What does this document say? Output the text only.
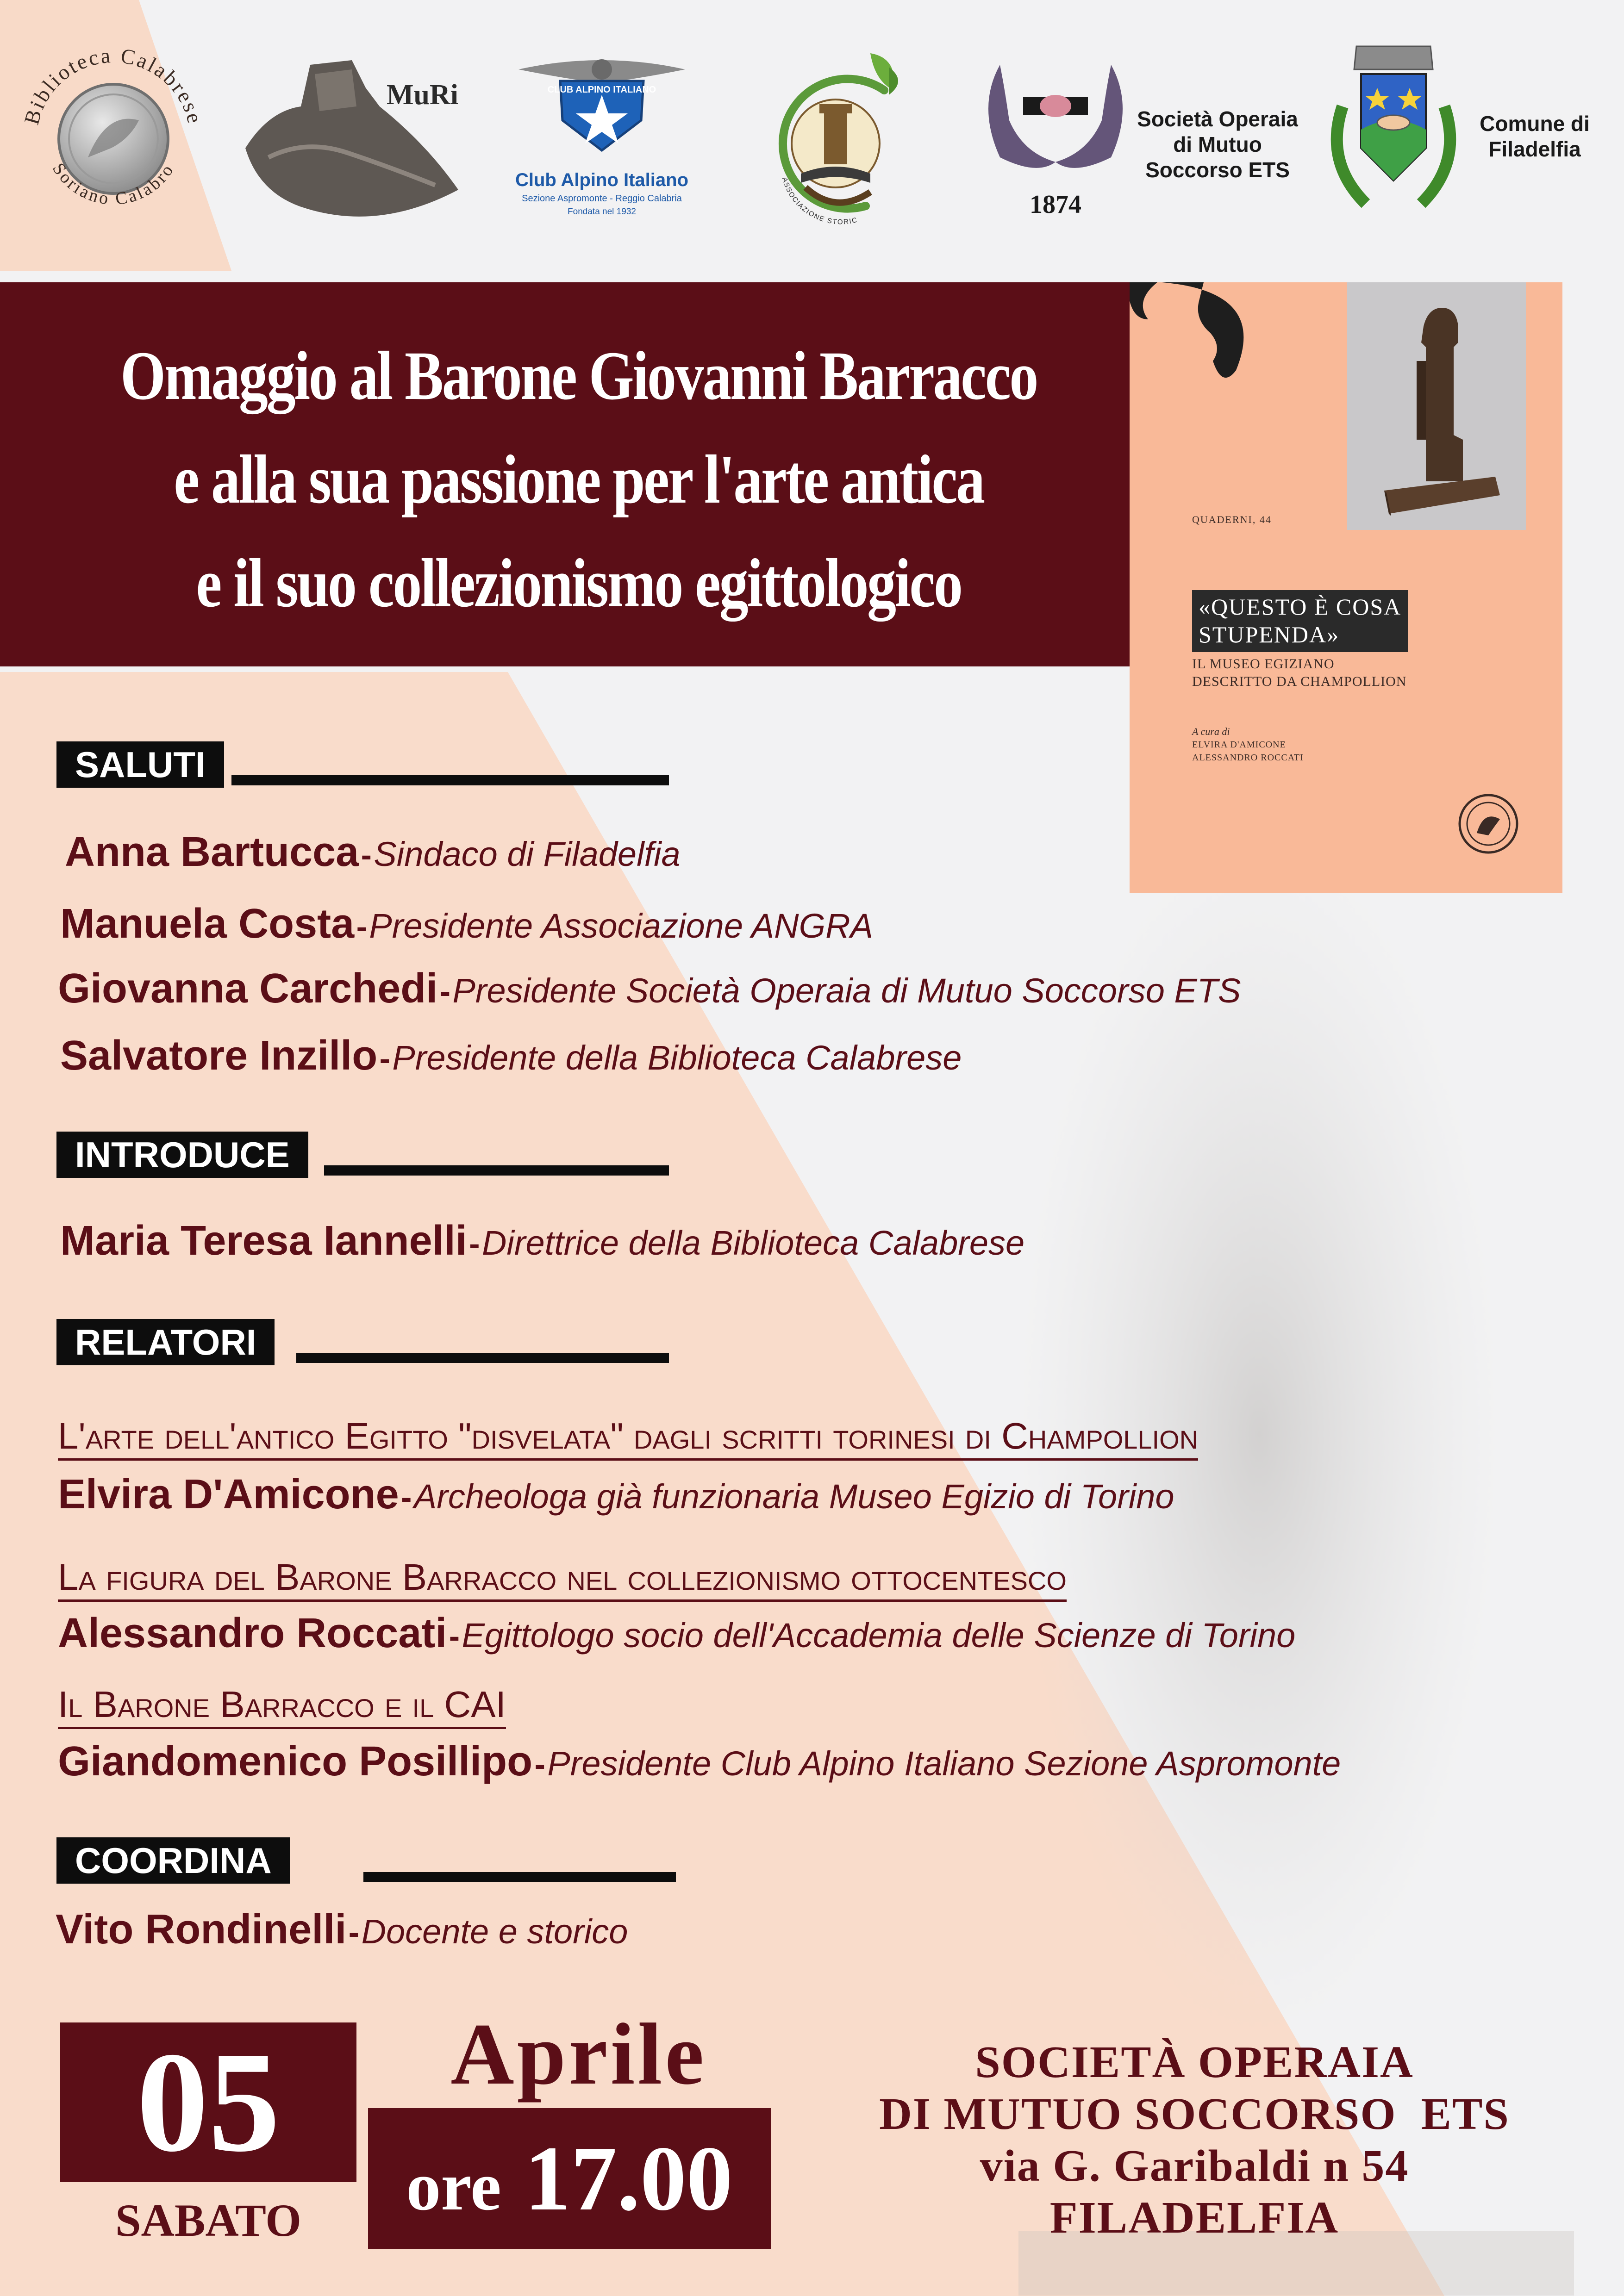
Biblioteca Calabrese
Soriano Calabro
MuRi	CLUB ALPINO ITALIANO
Club Alpino Italiano
Sezione Aspromonte - Reggio Calabria
Fondata nel 1932
ASSOCIAZIONE STORIC
1874
Società Operaia di Mutuo Soccorso ETS
Comune di Filadelfia
Omaggio al Barone Giovanni Barracco
e alla sua passione per l'arte antica
e il suo collezionismo egittologico
QUADERNI, 44
«QUESTO È COSA
STUPENDA»
IL MUSEO EGIZIANO
DESCRITTO DA CHAMPOLLION
A cura di
ELVIRA D'AMICONE
ALESSANDRO ROCCATI
SALUTI
Anna Bartucca - Sindaco di Filadelfia
Manuela Costa - Presidente Associazione ANGRA
Giovanna Carchedi - Presidente Società Operaia di Mutuo Soccorso ETS
Salvatore Inzillo - Presidente della Biblioteca Calabrese
INTRODUCE
Maria Teresa Iannelli - Direttrice della Biblioteca Calabrese
RELATORI
L'arte dell'antico Egitto "disvelata" dagli scritti torinesi di Champollion
Elvira D'Amicone - Archeologa già funzionaria Museo Egizio di Torino
La figura del Barone Barracco nel collezionismo ottocentesco
Alessandro Roccati - Egittologo socio dell'Accademia delle Scienze di Torino
Il Barone Barracco e il CAI
Giandomenico Posillipo - Presidente Club Alpino Italiano Sezione Aspromonte
COORDINA
Vito Rondinelli - Docente e storico
05
SABATO
Aprile
ore 17.00
SOCIETÀ OPERAIA
DI MUTUO SOCCORSO  ETS
via G. Garibaldi n 54
FILADELFIA
